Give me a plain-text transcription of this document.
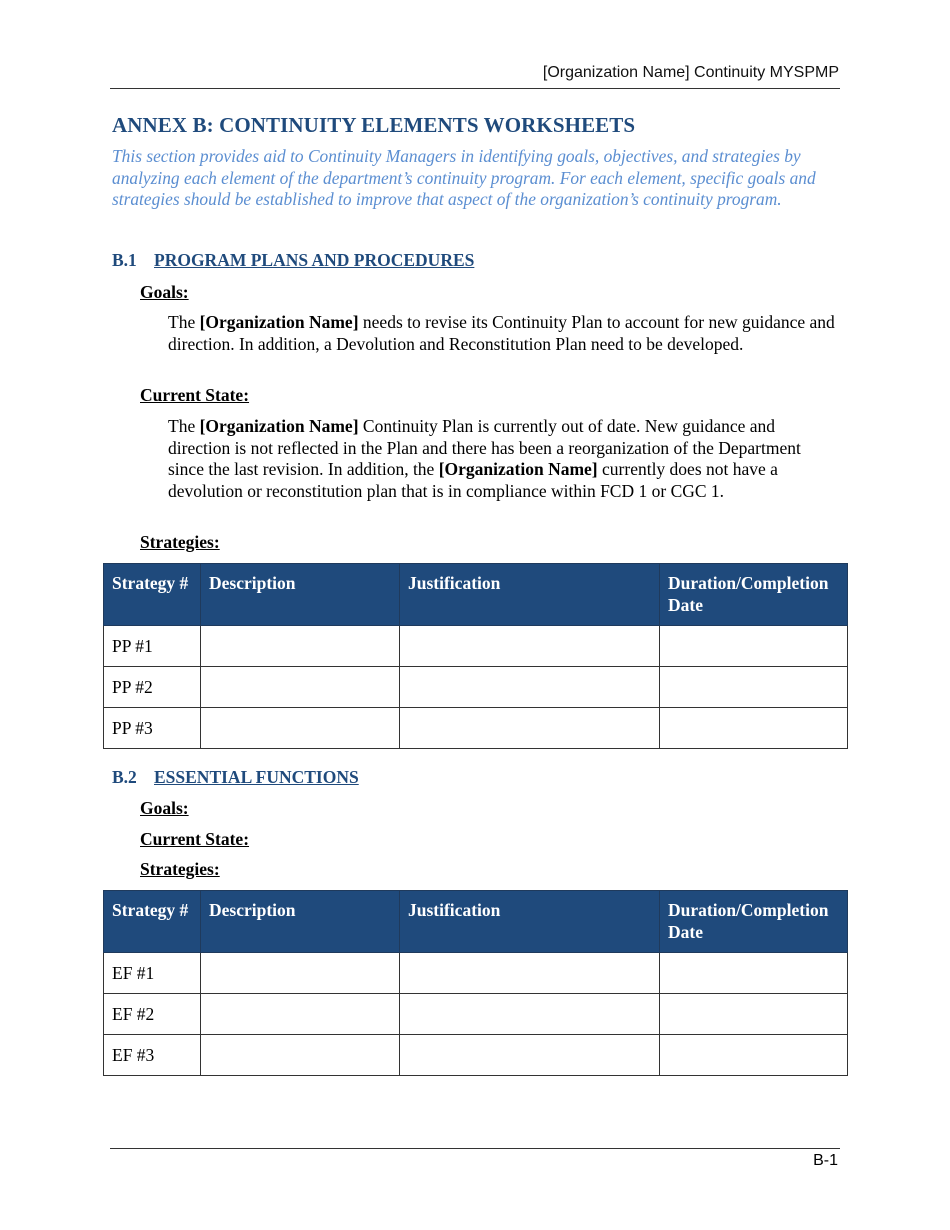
[Organization Name] Continuity MYSPMP
ANNEX B: CONTINUITY ELEMENTS WORKSHEETS

This section provides aid to Continuity Managers in identifying goals, objectives, and strategies by analyzing each element of the department’s continuity program. For each element, specific goals and strategies should be established to improve that aspect of the organization’s continuity program.

B.1 PROGRAM PLANS AND PROCEDURES
Goals:

The [Organization Name] needs to revise its Continuity Plan to account for new guidance and direction. In addition, a Devolution and Reconstitution Plan need to be developed.

Current State:

The [Organization Name] Continuity Plan is currently out of date. New guidance and direction is not reflected in the Plan and there has been a reorganization of the Department since the last revision. In addition, the [Organization Name] currently does not have a devolution or reconstitution plan that is in compliance within FCD 1 or CGC 1.

Strategies:
Strategy #	Description	Justification	Duration/Completion Date
PP #1			
PP #2			
PP #3			
B.2 ESSENTIAL FUNCTIONS
Goals:
Current State:
Strategies:
Strategy #	Description	Justification	Duration/Completion Date
EF #1			
EF #2			
EF #3			
B-1
